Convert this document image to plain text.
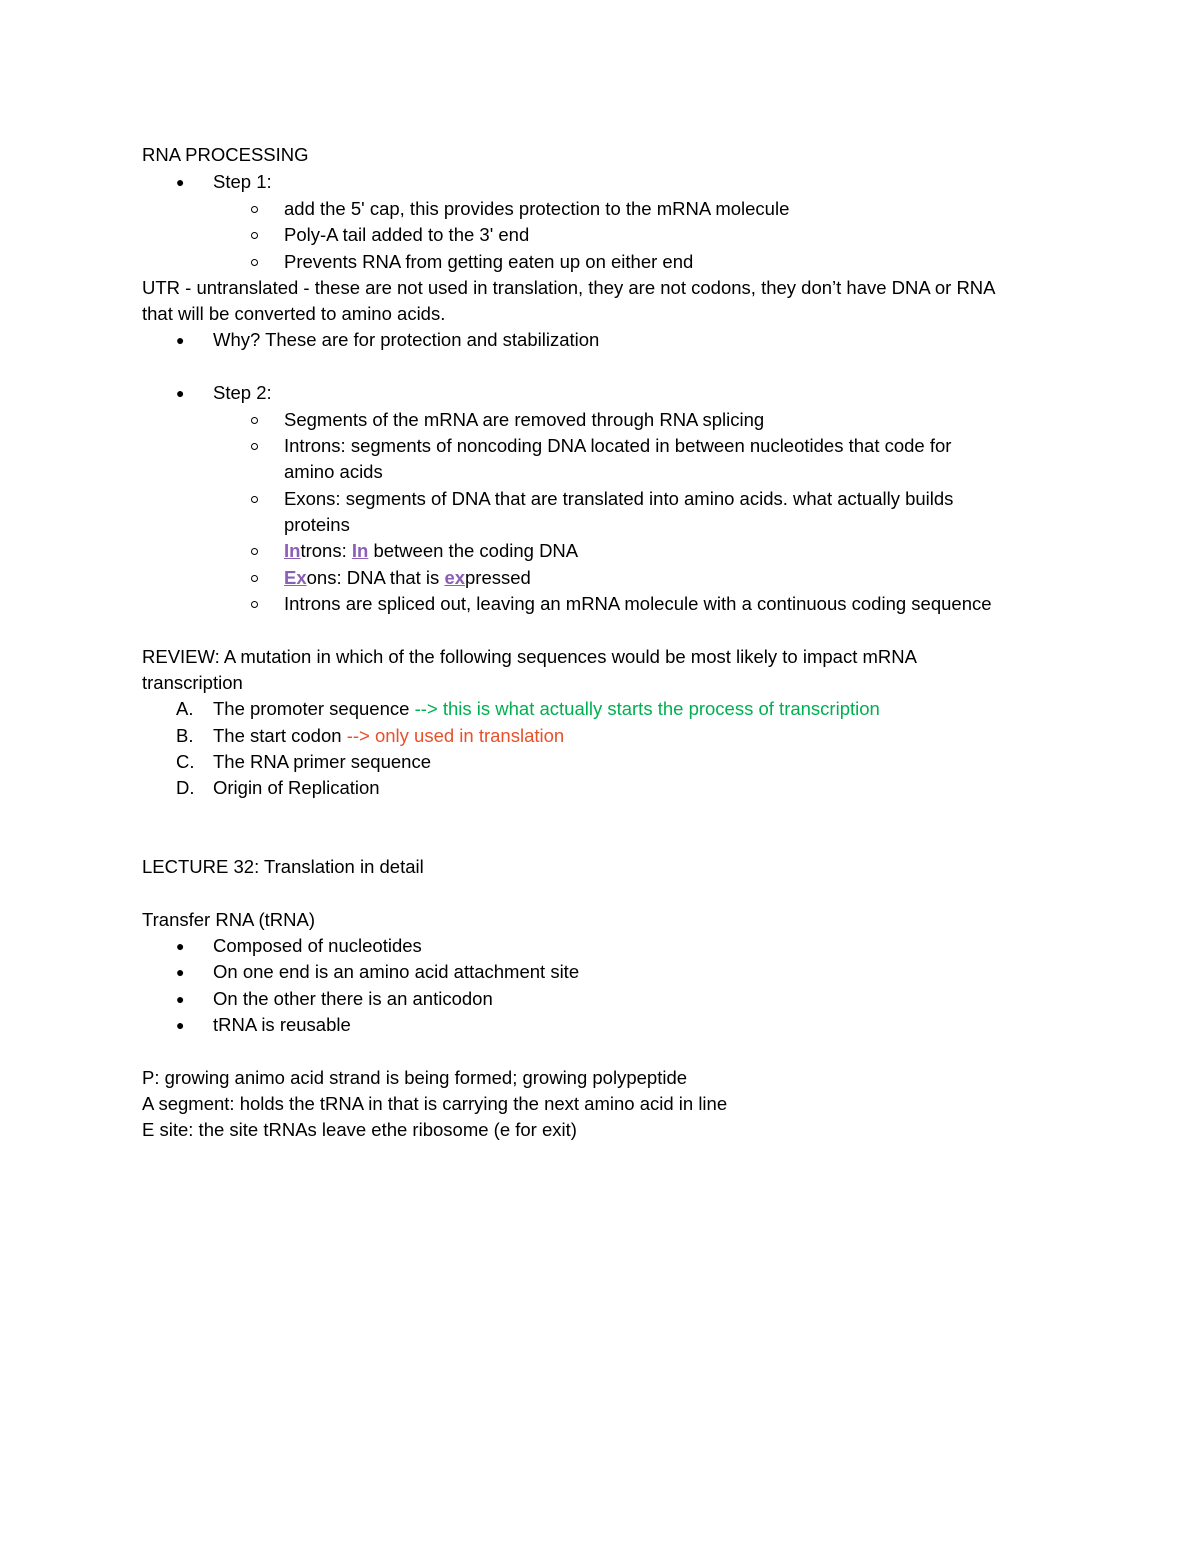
RNA PROCESSING
● Step 1:
add the 5' cap, this provides protection to the mRNA molecule
Poly-A tail added to the 3' end
Prevents RNA from getting eaten up on either end
UTR - untranslated - these are not used in translation, they are not codons, they don’t have DNA or RNA
that will be converted to amino acids.
● Why? These are for protection and stabilization
● Step 2:
Segments of the mRNA are removed through RNA splicing
Introns: segments of noncoding DNA located in between nucleotides that code for
amino acids
Exons: segments of DNA that are translated into amino acids. what actually builds
proteins
Introns: In between the coding DNA
Exons: DNA that is expressed
Introns are spliced out, leaving an mRNA molecule with a continuous coding sequence
REVIEW: A mutation in which of the following sequences would be most likely to impact mRNA
transcription
A. The promoter sequence --> this is what actually starts the process of transcription
B. The start codon --> only used in translation
C. The RNA primer sequence
D. Origin of Replication
LECTURE 32: Translation in detail
Transfer RNA (tRNA)
● Composed of nucleotides
● On one end is an amino acid attachment site
● On the other there is an anticodon
● tRNA is reusable
P: growing animo acid strand is being formed; growing polypeptide
A segment: holds the tRNA in that is carrying the next amino acid in line
E site: the site tRNAs leave ethe ribosome (e for exit)
